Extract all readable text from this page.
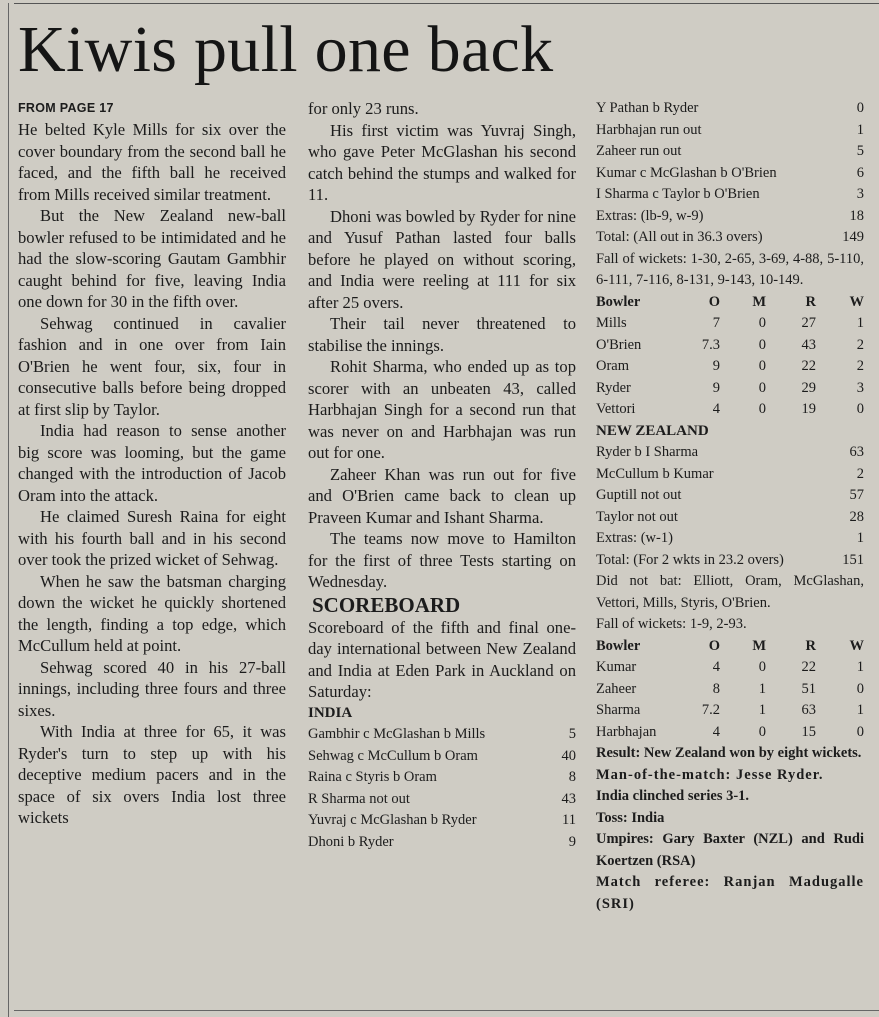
Kiwis pull one back
FROM PAGE 17
He belted Kyle Mills for six over the cover boundary from the second ball he faced, and the fifth ball he received from Mills received similar treatment.
But the New Zealand new-ball bowler refused to be intimidated and he had the slow-scoring Gautam Gambhir caught behind for five, leaving India one down for 30 in the fifth over.
Sehwag continued in cavalier fashion and in one over from Iain O'Brien he went four, six, four in consecutive balls before being dropped at first slip by Taylor.
India had reason to sense another big score was looming, but the game changed with the introduction of Jacob Oram into the attack.
He claimed Suresh Raina for eight with his fourth ball and in his second over took the prized wicket of Sehwag.
When he saw the batsman charging down the wicket he quickly shortened the length, finding a top edge, which McCullum held at point.
Sehwag scored 40 in his 27-ball innings, including three fours and three sixes.
With India at three for 65, it was Ryder's turn to step up with his deceptive medium pacers and in the space of six overs India lost three wickets
for only 23 runs.
His first victim was Yuvraj Singh, who gave Peter McGlashan his second catch behind the stumps and walked for 11.
Dhoni was bowled by Ryder for nine and Yusuf Pathan lasted four balls before he played on without scoring, and India were reeling at 111 for six after 25 overs.
Their tail never threatened to stabilise the innings.
Rohit Sharma, who ended up as top scorer with an unbeaten 43, called Harbhajan Singh for a second run that was never on and Harbhajan was run out for one.
Zaheer Khan was run out for five and O'Brien came back to clean up Praveen Kumar and Ishant Sharma.
The teams now move to Hamilton for the first of three Tests starting on Wednesday.
SCOREBOARD
Scoreboard of the fifth and final one-day international between New Zealand and India at Eden Park in Auckland on Saturday:
INDIA
Gambhir c McGlashan b Mills	5
Sehwag c McCullum b Oram	40
Raina c Styris b Oram	8
R Sharma not out	43
Yuvraj c McGlashan b Ryder	11
Dhoni b Ryder	9
Y Pathan b Ryder	0
Harbhajan run out	1
Zaheer run out	5
Kumar c McGlashan b O'Brien	6
I Sharma c Taylor b O'Brien	3
Extras: (lb-9, w-9)	18
Total: (All out in 36.3 overs)	149
Fall of wickets: 1-30, 2-65, 3-69, 4-88, 5-110, 6-111, 7-116, 8-131, 9-143, 10-149.
Bowler	O	M	R	W
Mills	7	0	27	1
O'Brien	7.3	0	43	2
Oram	9	0	22	2
Ryder	9	0	29	3
Vettori	4	0	19	0
NEW ZEALAND
Ryder b I Sharma	63
McCullum b Kumar	2
Guptill not out	57
Taylor not out	28
Extras: (w-1)	1
Total: (For 2 wkts in 23.2 overs)	151
Did not bat: Elliott, Oram, McGlashan, Vettori, Mills, Styris, O'Brien.
Fall of wickets: 1-9, 2-93.
Bowler	O	M	R	W
Kumar	4	0	22	1
Zaheer	8	1	51	0
Sharma	7.2	1	63	1
Harbhajan	4	0	15	0
Result: New Zealand won by eight wickets.
Man-of-the-match: Jesse Ryder.
India clinched series 3-1.
Toss: India
Umpires: Gary Baxter (NZL) and Rudi Koertzen (RSA)
Match referee: Ranjan Madugalle (SRI)
